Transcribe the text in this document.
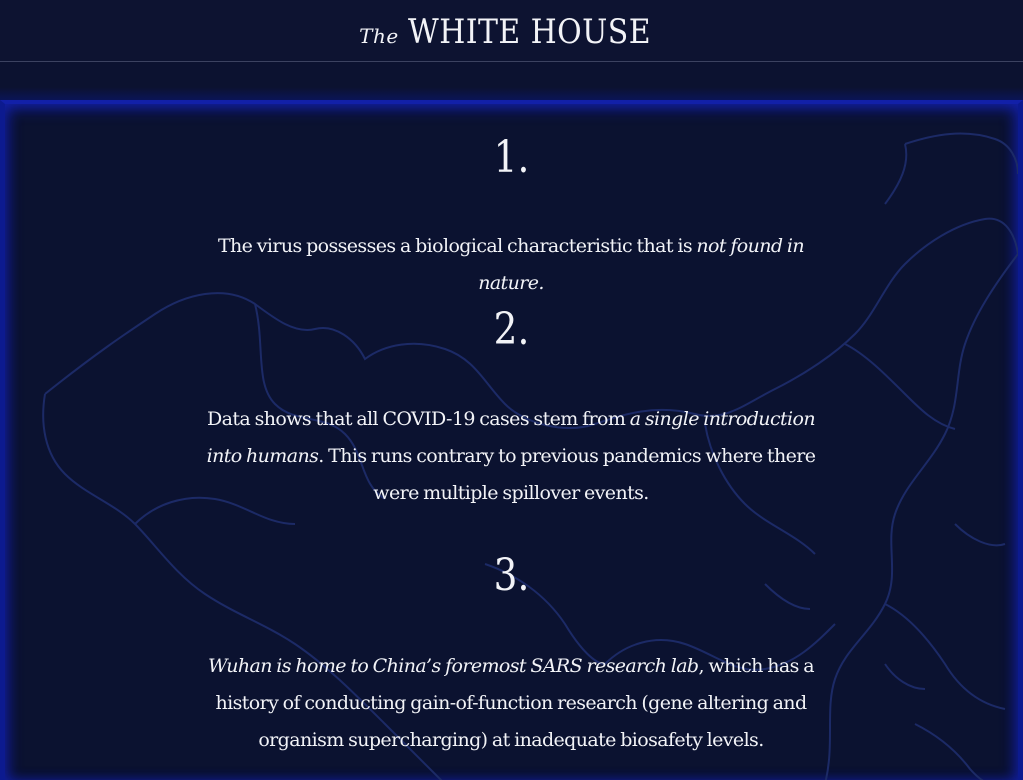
The WHITE HOUSE
1.
The virus possesses a biological characteristic that is not found in nature.
2.
Data shows that all COVID-19 cases stem from a single introduction into humans. This runs contrary to previous pandemics where there were multiple spillover events.
3.
Wuhan is home to China’s foremost SARS research lab, which has a history of conducting gain-of-function research (gene altering and organism supercharging) at inadequate biosafety levels.
